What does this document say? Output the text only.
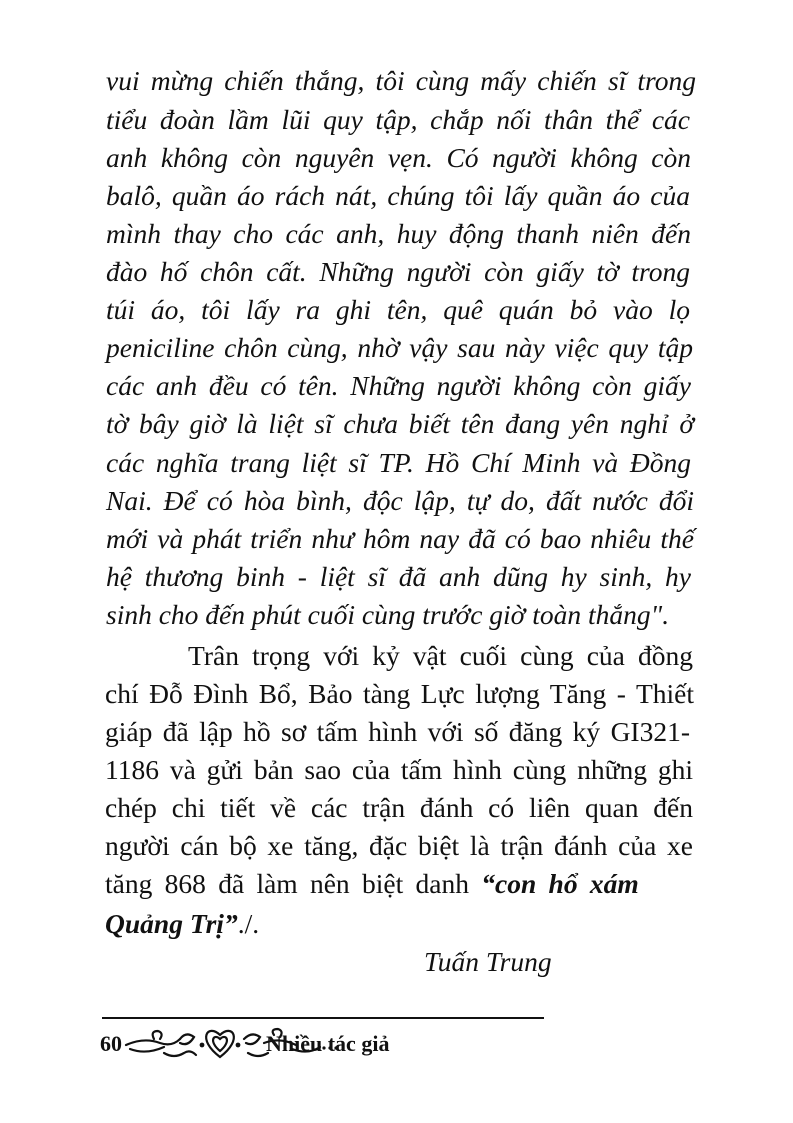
vui mừng chiến thắng, tôi cùng mấy chiến sĩ trong
tiểu đoàn lầm lũi quy tập, chắp nối thân thể các
anh không còn nguyên vẹn. Có người không còn
balô, quần áo rách nát, chúng tôi lấy quần áo của
mình thay cho các anh, huy động thanh niên đến
đào hố chôn cất. Những người còn giấy tờ trong
túi áo, tôi lấy ra ghi tên, quê quán bỏ vào lọ
peniciline chôn cùng, nhờ vậy sau này việc quy tập
các anh đều có tên. Những người không còn giấy
tờ bây giờ là liệt sĩ chưa biết tên đang yên nghỉ ở
các nghĩa trang liệt sĩ TP. Hồ Chí Minh và Đồng
Nai. Để có hòa bình, độc lập, tự do, đất nước đổi
mới và phát triển như hôm nay đã có bao nhiêu thế
hệ thương binh - liệt sĩ đã anh dũng hy sinh, hy
sinh cho đến phút cuối cùng trước giờ toàn thắng".
Trân trọng với kỷ vật cuối cùng của đồng
chí Đỗ Đình Bổ, Bảo tàng Lực lượng Tăng - Thiết
giáp đã lập hồ sơ tấm hình với số đăng ký GI321-
1186 và gửi bản sao của tấm hình cùng những ghi
chép chi tiết về các trận đánh có liên quan đến
người cán bộ xe tăng, đặc biệt là trận đánh của xe
tăng 868 đã làm nên biệt danh “con hổ xám
Quảng Trị”./.
Tuấn Trung
60	Nhiều tác giả
